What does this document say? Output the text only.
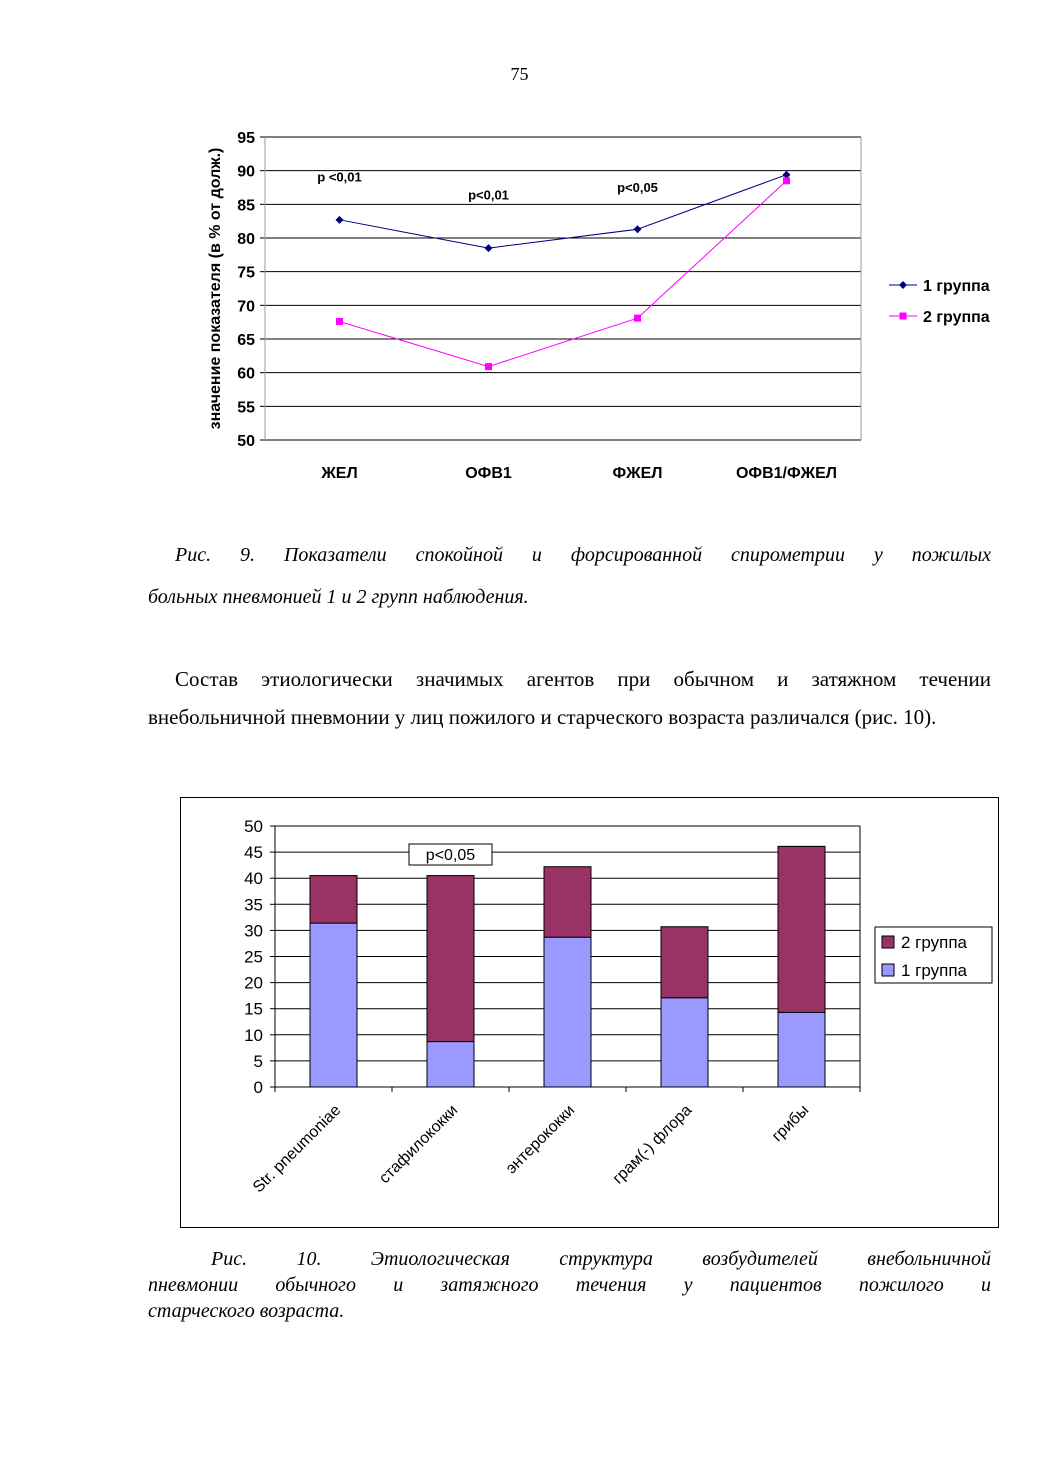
75
95
90
85
80
75
70
65
60
55
50
ЖЕЛ	ОФВ1	ФЖЕЛ	ОФВ1/ФЖЕЛ
значение показателя (в % от долж.)	p <0,01
p<0,01	p<0,05
1 группа
2 группа
Рис. 9. Показатели спокойной и форсированной спирометрии у пожилых
больных пневмонией 1 и 2 групп наблюдения.
Состав этиологически значимых агентов при обычном и затяжном течении
внебольничной пневмонии у лиц пожилого и старческого возраста различался (рис. 10).
0
5
10
15
20
25
30
35
40
45
50
Str. pneumoniae стафилококки	энтерококки грам(-) флора	грибы
p<0,05
2 группа
1 группа
Рис. 10. Этиологическая структура возбудителей внебольничной
пневмонии обычного и затяжного течения у пациентов пожилого и
старческого возраста.
